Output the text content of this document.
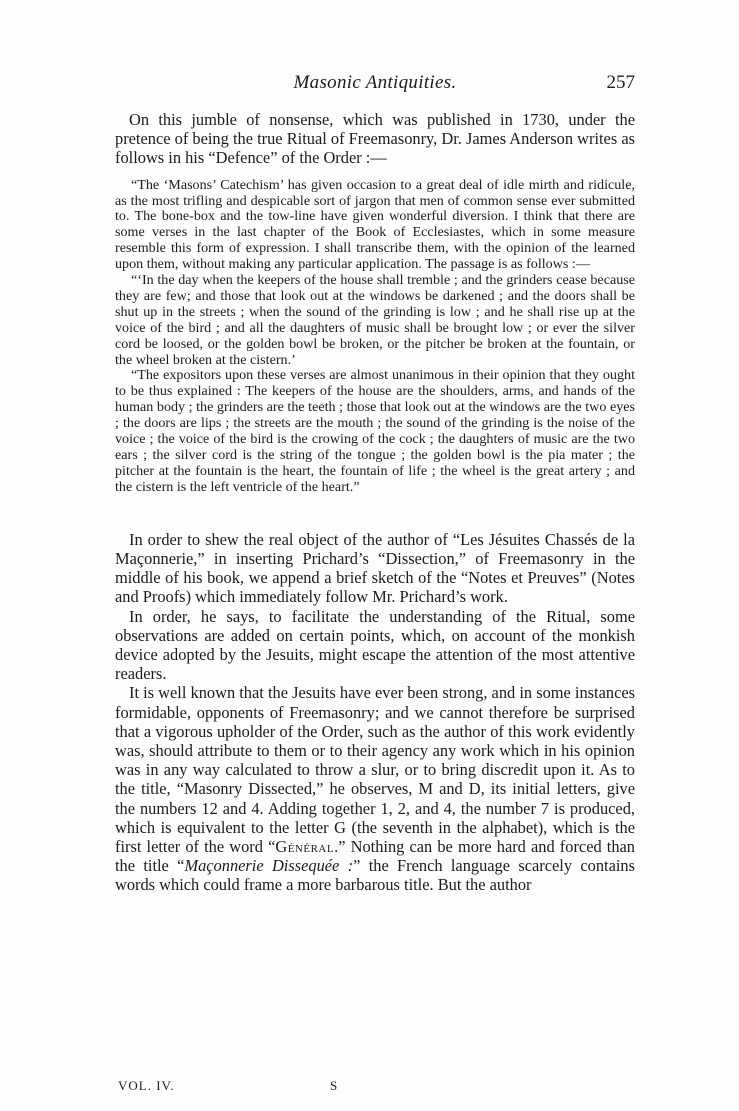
Masonic Antiquities.	257

On this jumble of nonsense, which was published in 1730, under the pretence of being the true Ritual of Freemasonry, Dr. James Anderson writes as follows in his “Defence” of the Order :—

“The ‘Masons’ Catechism’ has given occasion to a great deal of idle mirth and ridicule, as the most trifling and despicable sort of jargon that men of common sense ever submitted to. The bone-box and the tow-line have given wonderful diversion. I think that there are some verses in the last chapter of the Book of Ecclesiastes, which in some measure resemble this form of expression. I shall transcribe them, with the opinion of the learned upon them, without making any particular application. The passage is as follows :—

“‘In the day when the keepers of the house shall tremble ; and the grinders cease because they are few; and those that look out at the windows be darkened ; and the doors shall be shut up in the streets ; when the sound of the grinding is low ; and he shall rise up at the voice of the bird ; and all the daughters of music shall be brought low ; or ever the silver cord be loosed, or the golden bowl be broken, or the pitcher be broken at the fountain, or the wheel broken at the cistern.’

“The expositors upon these verses are almost unanimous in their opinion that they ought to be thus explained : The keepers of the house are the shoulders, arms, and hands of the human body ; the grinders are the teeth ; those that look out at the windows are the two eyes ; the doors are lips ; the streets are the mouth ; the sound of the grinding is the noise of the voice ; the voice of the bird is the crowing of the cock ; the daughters of music are the two ears ; the silver cord is the string of the tongue ; the golden bowl is the pia mater ; the pitcher at the fountain is the heart, the fountain of life ; the wheel is the great artery ; and the cistern is the left ventricle of the heart.”

In order to shew the real object of the author of “Les Jésuites Chassés de la Maçonnerie,” in inserting Prichard’s “Dissection,” of Freemasonry in the middle of his book, we append a brief sketch of the “Notes et Preuves” (Notes and Proofs) which immediately follow Mr. Prichard’s work.

In order, he says, to facilitate the understanding of the Ritual, some observations are added on certain points, which, on account of the monkish device adopted by the Jesuits, might escape the attention of the most attentive readers.

It is well known that the Jesuits have ever been strong, and in some instances formidable, opponents of Freemasonry; and we cannot therefore be surprised that a vigorous upholder of the Order, such as the author of this work evidently was, should attribute to them or to their agency any work which in his opinion was in any way calculated to throw a slur, or to bring discredit upon it. As to the title, “Masonry Dissected,” he observes, M and D, its initial letters, give the numbers 12 and 4. Adding together 1, 2, and 4, the number 7 is produced, which is equivalent to the letter G (the seventh in the alphabet), which is the first letter of the word “Général.” Nothing can be more hard and forced than the title “Maçonnerie Dissequée :” the French language scarcely contains words which could frame a more barbarous title. But the author

VOL. IV.	S
